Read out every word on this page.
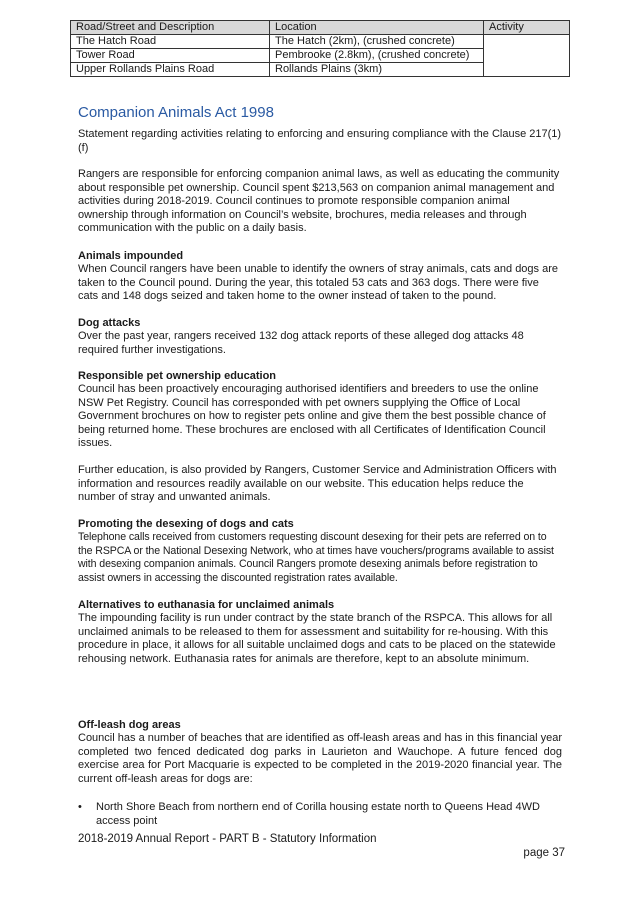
Road/Street and Description	Location	Activity
The Hatch Road	The Hatch (2km), (crushed concrete)	
Tower Road	Pembrooke (2.8km), (crushed concrete)	
Upper Rollands Plains Road	Rollands Plains (3km)	
Companion Animals Act 1998

Statement regarding activities relating to enforcing and ensuring compliance with the Clause 217(1)(f)

Rangers are responsible for enforcing companion animal laws, as well as educating the community about responsible pet ownership. Council spent $213,563 on companion animal management and activities during 2018-2019. Council continues to promote responsible companion animal ownership through information on Council’s website, brochures, media releases and through communication with the public on a daily basis.

Animals impounded

When Council rangers have been unable to identify the owners of stray animals, cats and dogs are taken to the Council pound. During the year, this totaled 53 cats and 363 dogs. There were five cats and 148 dogs seized and taken home to the owner instead of taken to the pound.

Dog attacks

Over the past year, rangers received 132 dog attack reports of these alleged dog attacks 48 required further investigations.

Responsible pet ownership education

Council has been proactively encouraging authorised identifiers and breeders to use the online NSW Pet Registry. Council has corresponded with pet owners supplying the Office of Local Government brochures on how to register pets online and give them the best possible chance of being returned home. These brochures are enclosed with all Certificates of Identification Council issues.

Further education, is also provided by Rangers, Customer Service and Administration Officers with information and resources readily available on our website. This education helps reduce the number of stray and unwanted animals.

Promoting the desexing of dogs and cats

Telephone calls received from customers requesting discount desexing for their pets are referred on to the RSPCA or the National Desexing Network, who at times have vouchers/programs available to assist with desexing companion animals. Council Rangers promote desexing animals before registration to assist owners in accessing the discounted registration rates available.

Alternatives to euthanasia for unclaimed animals

The impounding facility is run under contract by the state branch of the RSPCA. This allows for all unclaimed animals to be released to them for assessment and suitability for re-housing. With this procedure in place, it allows for all suitable unclaimed dogs and cats to be placed on the statewide rehousing network. Euthanasia rates for animals are therefore, kept to an absolute minimum.

Off-leash dog areas

Council has a number of beaches that are identified as off-leash areas and has in this financial year completed two fenced dedicated dog parks in Laurieton and Wauchope. A future fenced dog exercise area for Port Macquarie is expected to be completed in the 2019-2020 financial year. The current off-leash areas for dogs are:

•	North Shore Beach from northern end of Corilla housing estate north to Queens Head 4WD access point
2018-2019 Annual Report - PART B - Statutory Information
page 37
